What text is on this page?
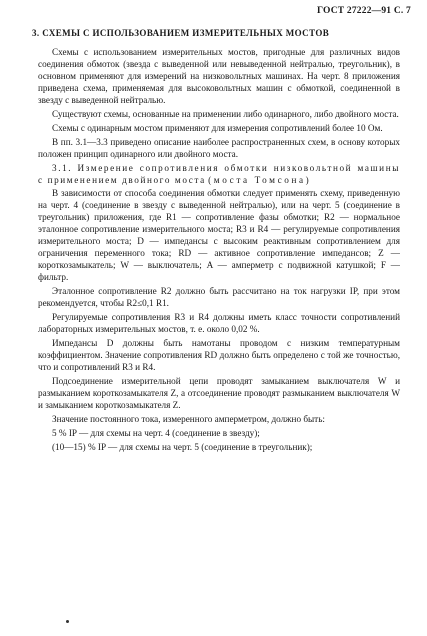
ГОСТ 27222—91 С. 7
3. СХЕМЫ С ИСПОЛЬЗОВАНИЕМ ИЗМЕРИТЕЛЬНЫХ МОСТОВ

Схемы с использованием измерительных мостов, пригодные для различных видов соединения обмоток (звезда с выведенной или невыведенной нейтралью, треугольник), в основном применяют для измерений на низковольтных машинах. На черт. 8 приложения приведена схема, применяемая для высоковольтных машин с обмоткой, соединенной в звезду с выведенной нейтралью.

Существуют схемы, основанные на применении либо одинарного, либо двойного моста.

Схемы с одинарным мостом применяют для измерения сопротивлений более 10 Ом.

В пп. 3.1—3.3 приведено описание наиболее распространенных схем, в основу которых положен принцип одинарного или двойного моста.

3.1. Измерение сопротивления обмотки низковольтной машины с применением двойного моста (моста Томсона)

В зависимости от способа соединения обмотки следует применять схему, приведенную на черт. 4 (соединение в звезду с выведенной нейтралью), или на черт. 5 (соединение в треугольник) приложения, где R1 — сопротивление фазы обмотки; R2 — нормальное эталонное сопротивление измерительного моста; R3 и R4 — регулируемые сопротивления измерительного моста; D — импедансы с высоким реактивным сопротивлением для ограничения переменного тока; RD — активное сопротивление импедансов; Z — короткозамыкатель; W — выключатель; A — амперметр с подвижной катушкой; F — фильтр.

Эталонное сопротивление R2 должно быть рассчитано на ток нагрузки IP, при этом рекомендуется, чтобы R2≤0,1 R1.

Регулируемые сопротивления R3 и R4 должны иметь класс точности сопротивлений лабораторных измерительных мостов, т. е. около 0,02 %.

Импедансы D должны быть намотаны проводом с низким температурным коэффициентом. Значение сопротивления RD должно быть определено с той же точностью, что и сопротивлений R3 и R4.

Подсоединение измерительной цепи проводят замыканием выключателя W и размыканием короткозамыкателя Z, а отсоединение проводят размыканием выключателя W и замыканием короткозамыкателя Z.

Значение постоянного тока, измеренного амперметром, должно быть:

5 % IP — для схемы на черт. 4 (соединение в звезду);

(10—15) % IP — для схемы на черт. 5 (соединение в треугольник);
